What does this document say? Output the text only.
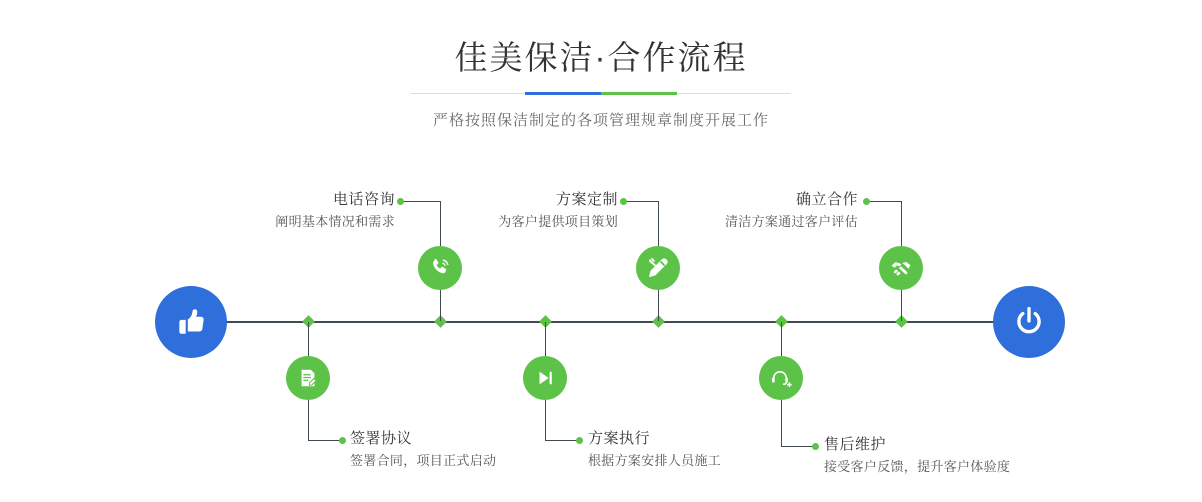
佳美保洁·合作流程

严格按照保洁制定的各项管理规章制度开展工作

电话咨询
阐明基本情况和需求
签署协议
签署合同，项目正式启动
方案定制
为客户提供项目策划
方案执行
根据方案安排人员施工
确立合作
清洁方案通过客户评估
售后维护
接受客户反馈，提升客户体验度
